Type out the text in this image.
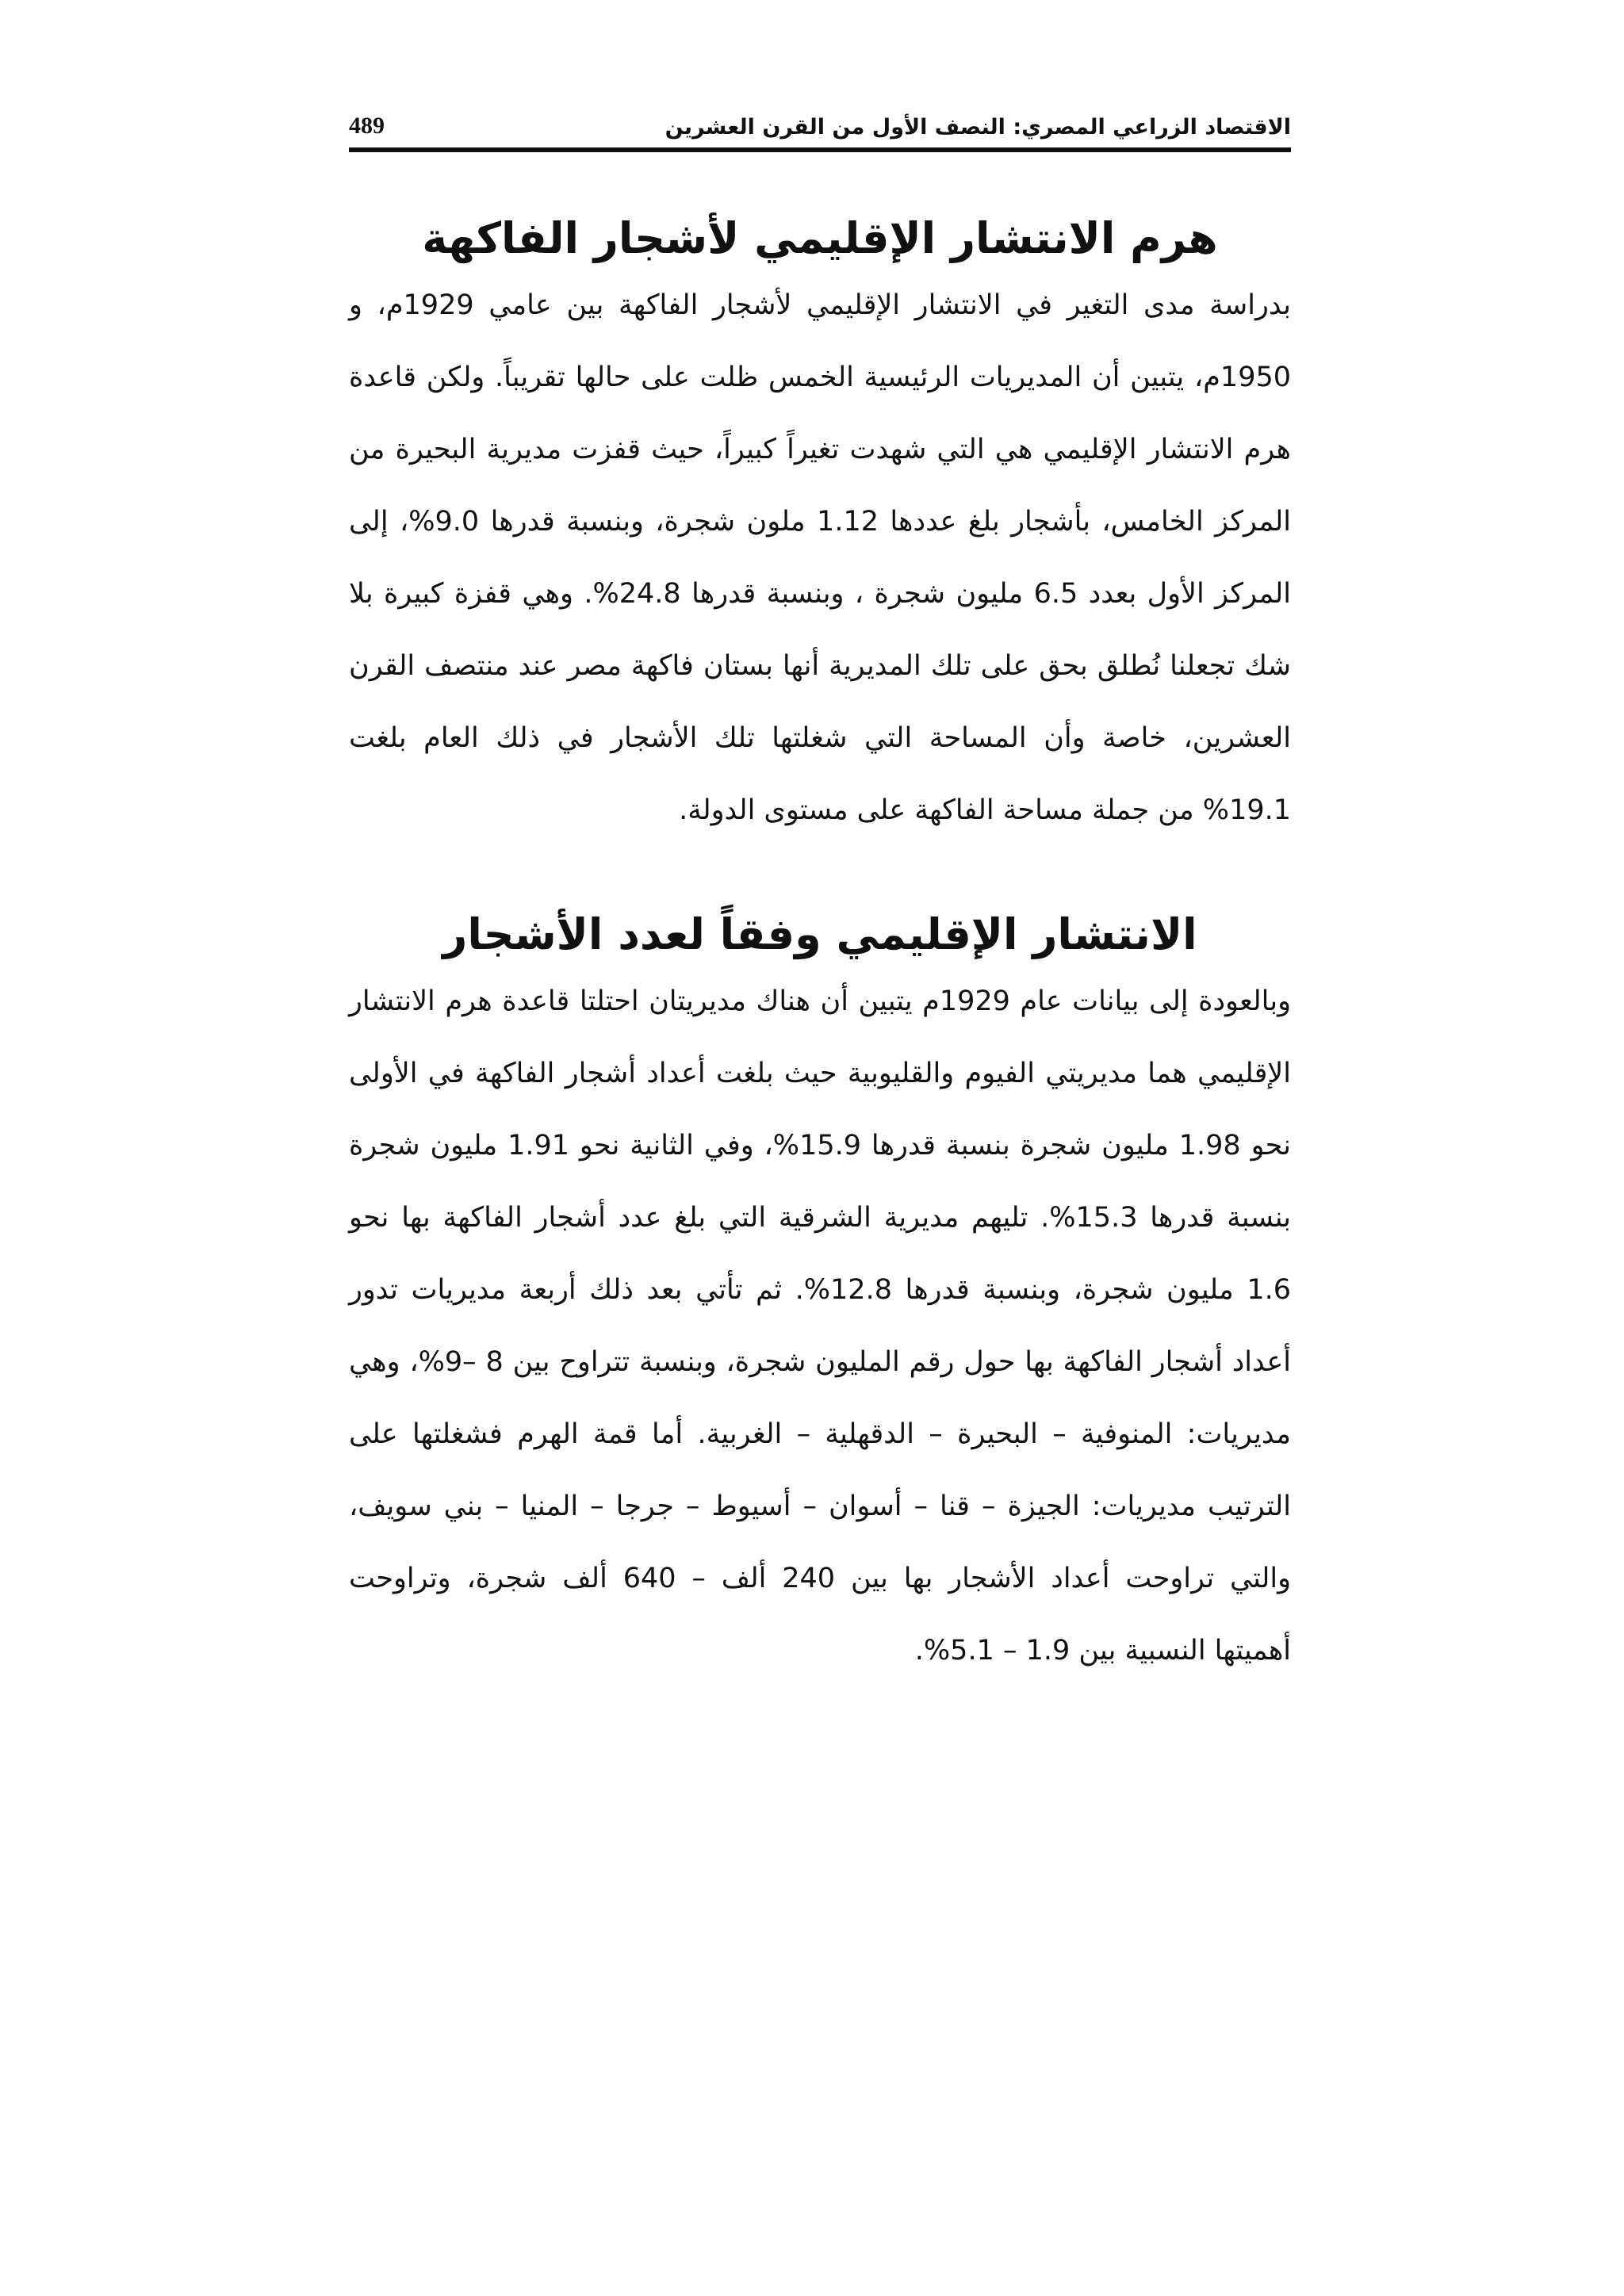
الاقتصاد الزراعي المصري: النصف الأول من القرن العشرين
489
هرم الانتشار الإقليمي لأشجار الفاكهة

بدراسة مدى التغير في الانتشار الإقليمي لأشجار الفاكهة بين عامي 1929م، و 1950م، يتبين أن المديريات الرئيسية الخمس ظلت على حالها تقريباً. ولكن قاعدة هرم الانتشار الإقليمي هي التي شهدت تغيراً كبيراً، حيث قفزت مديرية البحيرة من المركز الخامس، بأشجار بلغ عددها 1.12 ملون شجرة، وبنسبة قدرها 9.0%، إلى المركز الأول بعدد 6.5 مليون شجرة ، وبنسبة قدرها 24.8%. وهي قفزة كبيرة بلا شك تجعلنا نُطلق بحق على تلك المديرية أنها بستان فاكهة مصر عند منتصف القرن العشرين، خاصة وأن المساحة التي شغلتها تلك الأشجار في ذلك العام بلغت 19.1% من جملة مساحة الفاكهة على مستوى الدولة.

الانتشار الإقليمي وفقاً لعدد الأشجار

وبالعودة إلى بيانات عام 1929م يتبين أن هناك مديريتان احتلتا قاعدة هرم الانتشار الإقليمي هما مديريتي الفيوم والقليوبية حيث بلغت أعداد أشجار الفاكهة في الأولى نحو 1.98 مليون شجرة بنسبة قدرها 15.9%، وفي الثانية نحو 1.91 مليون شجرة بنسبة قدرها 15.3%. تليهم مديرية الشرقية التي بلغ عدد أشجار الفاكهة بها نحو 1.6 مليون شجرة، وبنسبة قدرها 12.8%. ثم تأتي بعد ذلك أربعة مديريات تدور أعداد أشجار الفاكهة بها حول رقم المليون شجرة، وبنسبة تتراوح بين 8 –9%، وهي مديريات: المنوفية – البحيرة – الدقهلية – الغربية. أما قمة الهرم فشغلتها على الترتيب مديريات: الجيزة – قنا – أسوان – أسيوط – جرجا – المنيا – بني سويف، والتي تراوحت أعداد الأشجار بها بين 240 ألف – 640 ألف شجرة، وتراوحت أهميتها النسبية بين 1.9 – 5.1%.
